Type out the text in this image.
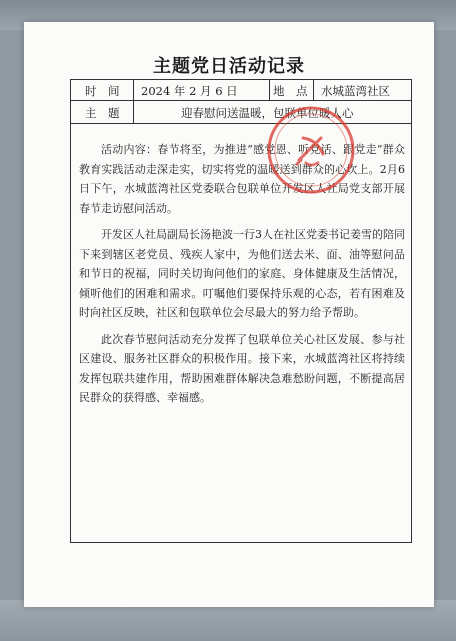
主题党日活动记录
时　间 2024 年 2 月 6 日	地　点 水城蓝湾社区
主　题	迎春慰问送温暖，包联单位暖人心

活动内容：春节将至，为推进“感党恩、听党话、跟党走”群众教育实践活动走深走实，切实将党的温暖送到群众的心坎上。2月6日下午，水城蓝湾社区党委联合包联单位开发区人社局党支部开展春节走访慰问活动。

开发区人社局副局长汤艳波一行3人在社区党委书记姜雪的陪同下来到辖区老党员、残疾人家中，为他们送去米、面、油等慰问品和节日的祝福，同时关切询问他们的家庭、身体健康及生活情况，倾听他们的困难和需求。叮嘱他们要保持乐观的心态，若有困难及时向社区反映，社区和包联单位会尽最大的努力给予帮助。

此次春节慰问活动充分发挥了包联单位关心社区发展、参与社区建设、服务社区群众的积极作用。接下来，水城蓝湾社区将持续发挥包联共建作用，帮助困难群体解决急难愁盼问题，不断提高居民群众的获得感、幸福感。
